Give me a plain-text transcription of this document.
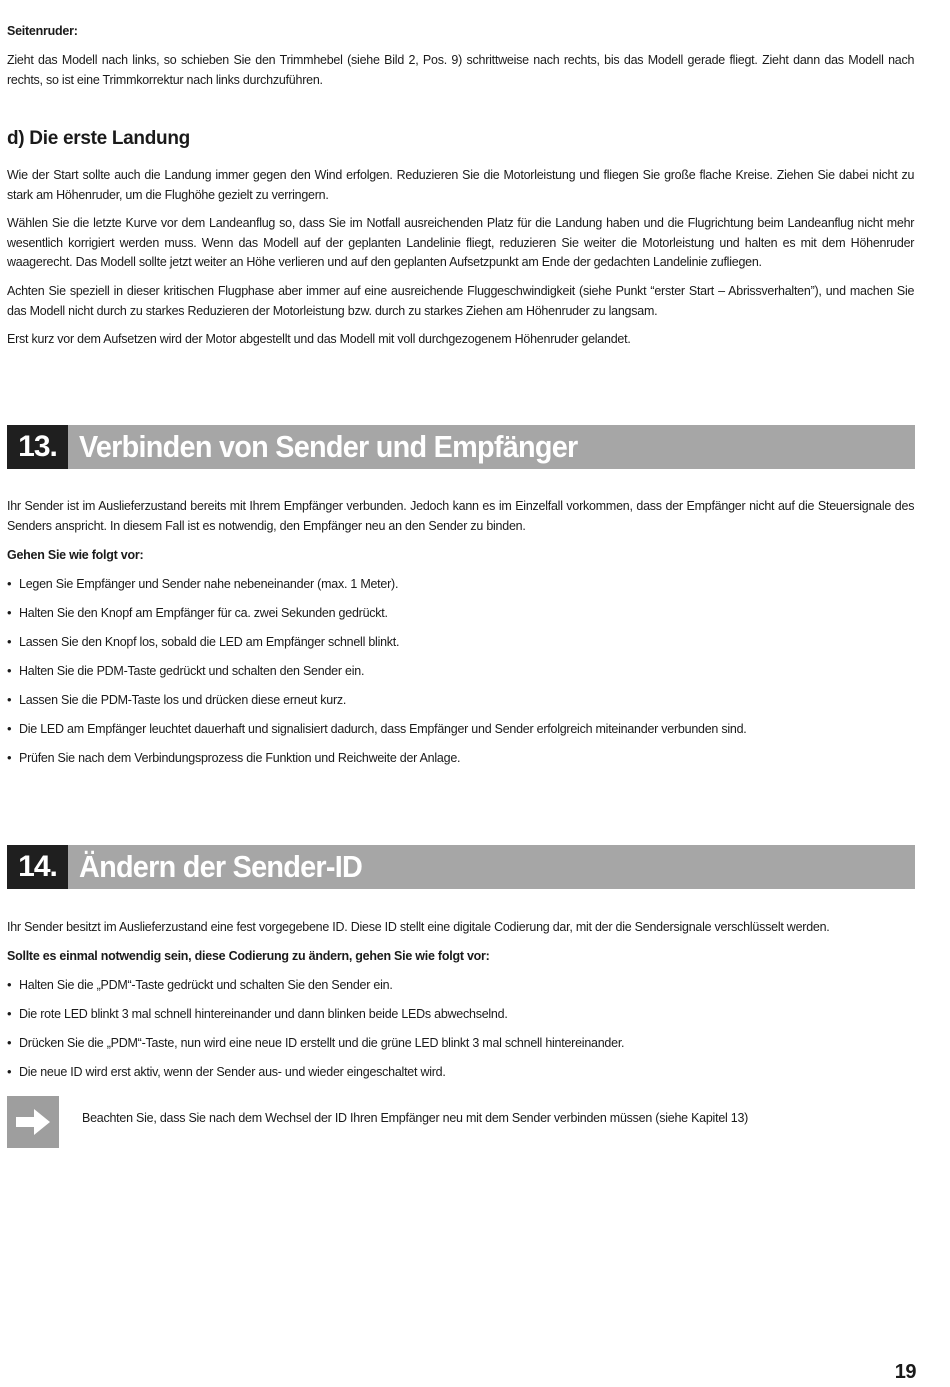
Seitenruder:
Zieht das Modell nach links, so schieben Sie den Trimmhebel (siehe Bild 2, Pos. 9) schrittweise nach rechts, bis das Modell gerade fliegt. Zieht dann das Modell nach rechts, so ist eine Trimmkorrektur nach links durchzuführen.
d) Die erste Landung
Wie der Start sollte auch die Landung immer gegen den Wind erfolgen. Reduzieren Sie die Motorleistung und fliegen Sie große flache Kreise. Ziehen Sie dabei nicht zu stark am Höhenruder, um die Flughöhe gezielt zu verringern.
Wählen Sie die letzte Kurve vor dem Landeanflug so, dass Sie im Notfall ausreichenden Platz für die Landung haben und die Flugrichtung beim Landeanflug nicht mehr wesentlich korrigiert werden muss. Wenn das Modell auf der geplanten Landelinie fliegt, reduzieren Sie weiter die Motorleistung und halten es mit dem Höhenruder waagerecht. Das Modell sollte jetzt weiter an Höhe verlieren und auf den geplanten Aufsetzpunkt am Ende der gedachten Landelinie zufliegen.
Achten Sie speziell in dieser kritischen Flugphase aber immer auf eine ausreichende Fluggeschwindigkeit (siehe Punkt “erster Start – Abrissverhalten”), und machen Sie das Modell nicht durch zu starkes Reduzieren der Motorleistung bzw. durch zu starkes Ziehen am Höhenruder zu langsam.
Erst kurz vor dem Aufsetzen wird der Motor abgestellt und das Modell mit voll durchgezogenem Höhenruder gelandet.
13. Verbinden von Sender und Empfänger
Ihr Sender ist im Auslieferzustand bereits mit Ihrem Empfänger verbunden. Jedoch kann es im Einzelfall vorkommen, dass der Empfänger nicht auf die Steuersignale des Senders anspricht. In diesem Fall ist es notwendig, den Empfänger neu an den Sender zu binden.
Gehen Sie wie folgt vor:
• Legen Sie Empfänger und Sender nahe nebeneinander (max. 1 Meter).
• Halten Sie den Knopf am Empfänger für ca. zwei Sekunden gedrückt.
• Lassen Sie den Knopf los, sobald die LED am Empfänger schnell blinkt.
• Halten Sie die PDM-Taste gedrückt und schalten den Sender ein.
• Lassen Sie die PDM-Taste los und drücken diese erneut kurz.
• Die LED am Empfänger leuchtet dauerhaft und signalisiert dadurch, dass Empfänger und Sender erfolgreich miteinander verbunden sind.
• Prüfen Sie nach dem Verbindungsprozess die Funktion und Reichweite der Anlage.
14. Ändern der Sender-ID
Ihr Sender besitzt im Auslieferzustand eine fest vorgegebene ID. Diese ID stellt eine digitale Codierung dar, mit der die Sendersignale verschlüsselt werden.
Sollte es einmal notwendig sein, diese Codierung zu ändern, gehen Sie wie folgt vor:
• Halten Sie die „PDM“-Taste gedrückt und schalten Sie den Sender ein.
• Die rote LED blinkt 3 mal schnell hintereinander und dann blinken beide LEDs abwechselnd.
• Drücken Sie die „PDM“-Taste, nun wird eine neue ID erstellt und die grüne LED blinkt 3 mal schnell hintereinander.
• Die neue ID wird erst aktiv, wenn der Sender aus- und wieder eingeschaltet wird.
Beachten Sie, dass Sie nach dem Wechsel der ID Ihren Empfänger neu mit dem Sender verbinden müssen (siehe Kapitel 13)
19
